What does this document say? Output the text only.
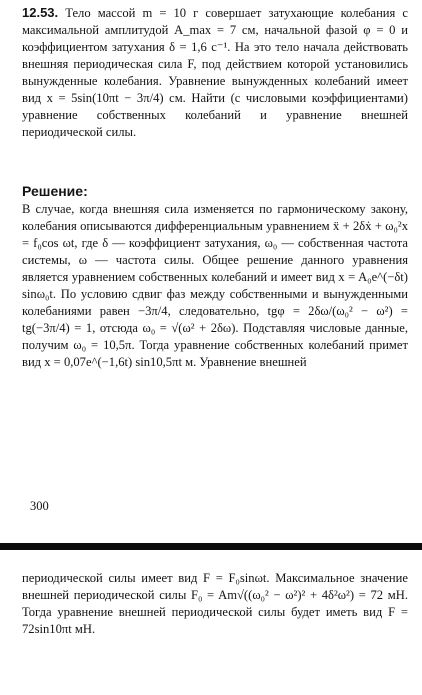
12.53. Тело массой m = 10 г совершает затухающие колебания с максимальной амплитудой A_max = 7 см, начальной фазой φ = 0 и коэффициентом затухания δ = 1,6 с⁻¹. На это тело начала действовать внешняя периодическая сила F, под действием которой установились вынужденные колебания. Уравнение вынужденных колебаний имеет вид x = 5sin(10πt − 3π/4) см. Найти (с числовыми коэффициентами) уравнение собственных колебаний и уравнение внешней периодической силы.
Решение:
В случае, когда внешняя сила изменяется по гармоническому закону, колебания описываются дифференциальным уравнением ẍ + 2δẋ + ω₀²x = f₀cos ωt, где δ — коэффициент затухания, ω₀ — собственная частота системы, ω — частота силы. Общее решение данного уравнения является уравнением собственных колебаний и имеет вид x = A₀e^(−δt) sinω₀t. По условию сдвиг фаз между собственными и вынужденными колебаниями равен −3π/4, следовательно, tgφ = 2δω/(ω₀² − ω²) = tg(−3π/4) = 1, отсюда ω₀ = √(ω² + 2δω). Подставляя числовые данные, получим ω₀ = 10,5π. Тогда уравнение собственных колебаний примет вид x = 0,07e^(−1,6t) sin10,5πt м. Уравнение внешней
300
периодической силы имеет вид F = F₀sinωt. Максимальное значение внешней периодической силы F₀ = Am√((ω₀² − ω²)² + 4δ²ω²) = 72 мН. Тогда уравнение внешней периодической силы будет иметь вид F = 72sin10πt мН.
